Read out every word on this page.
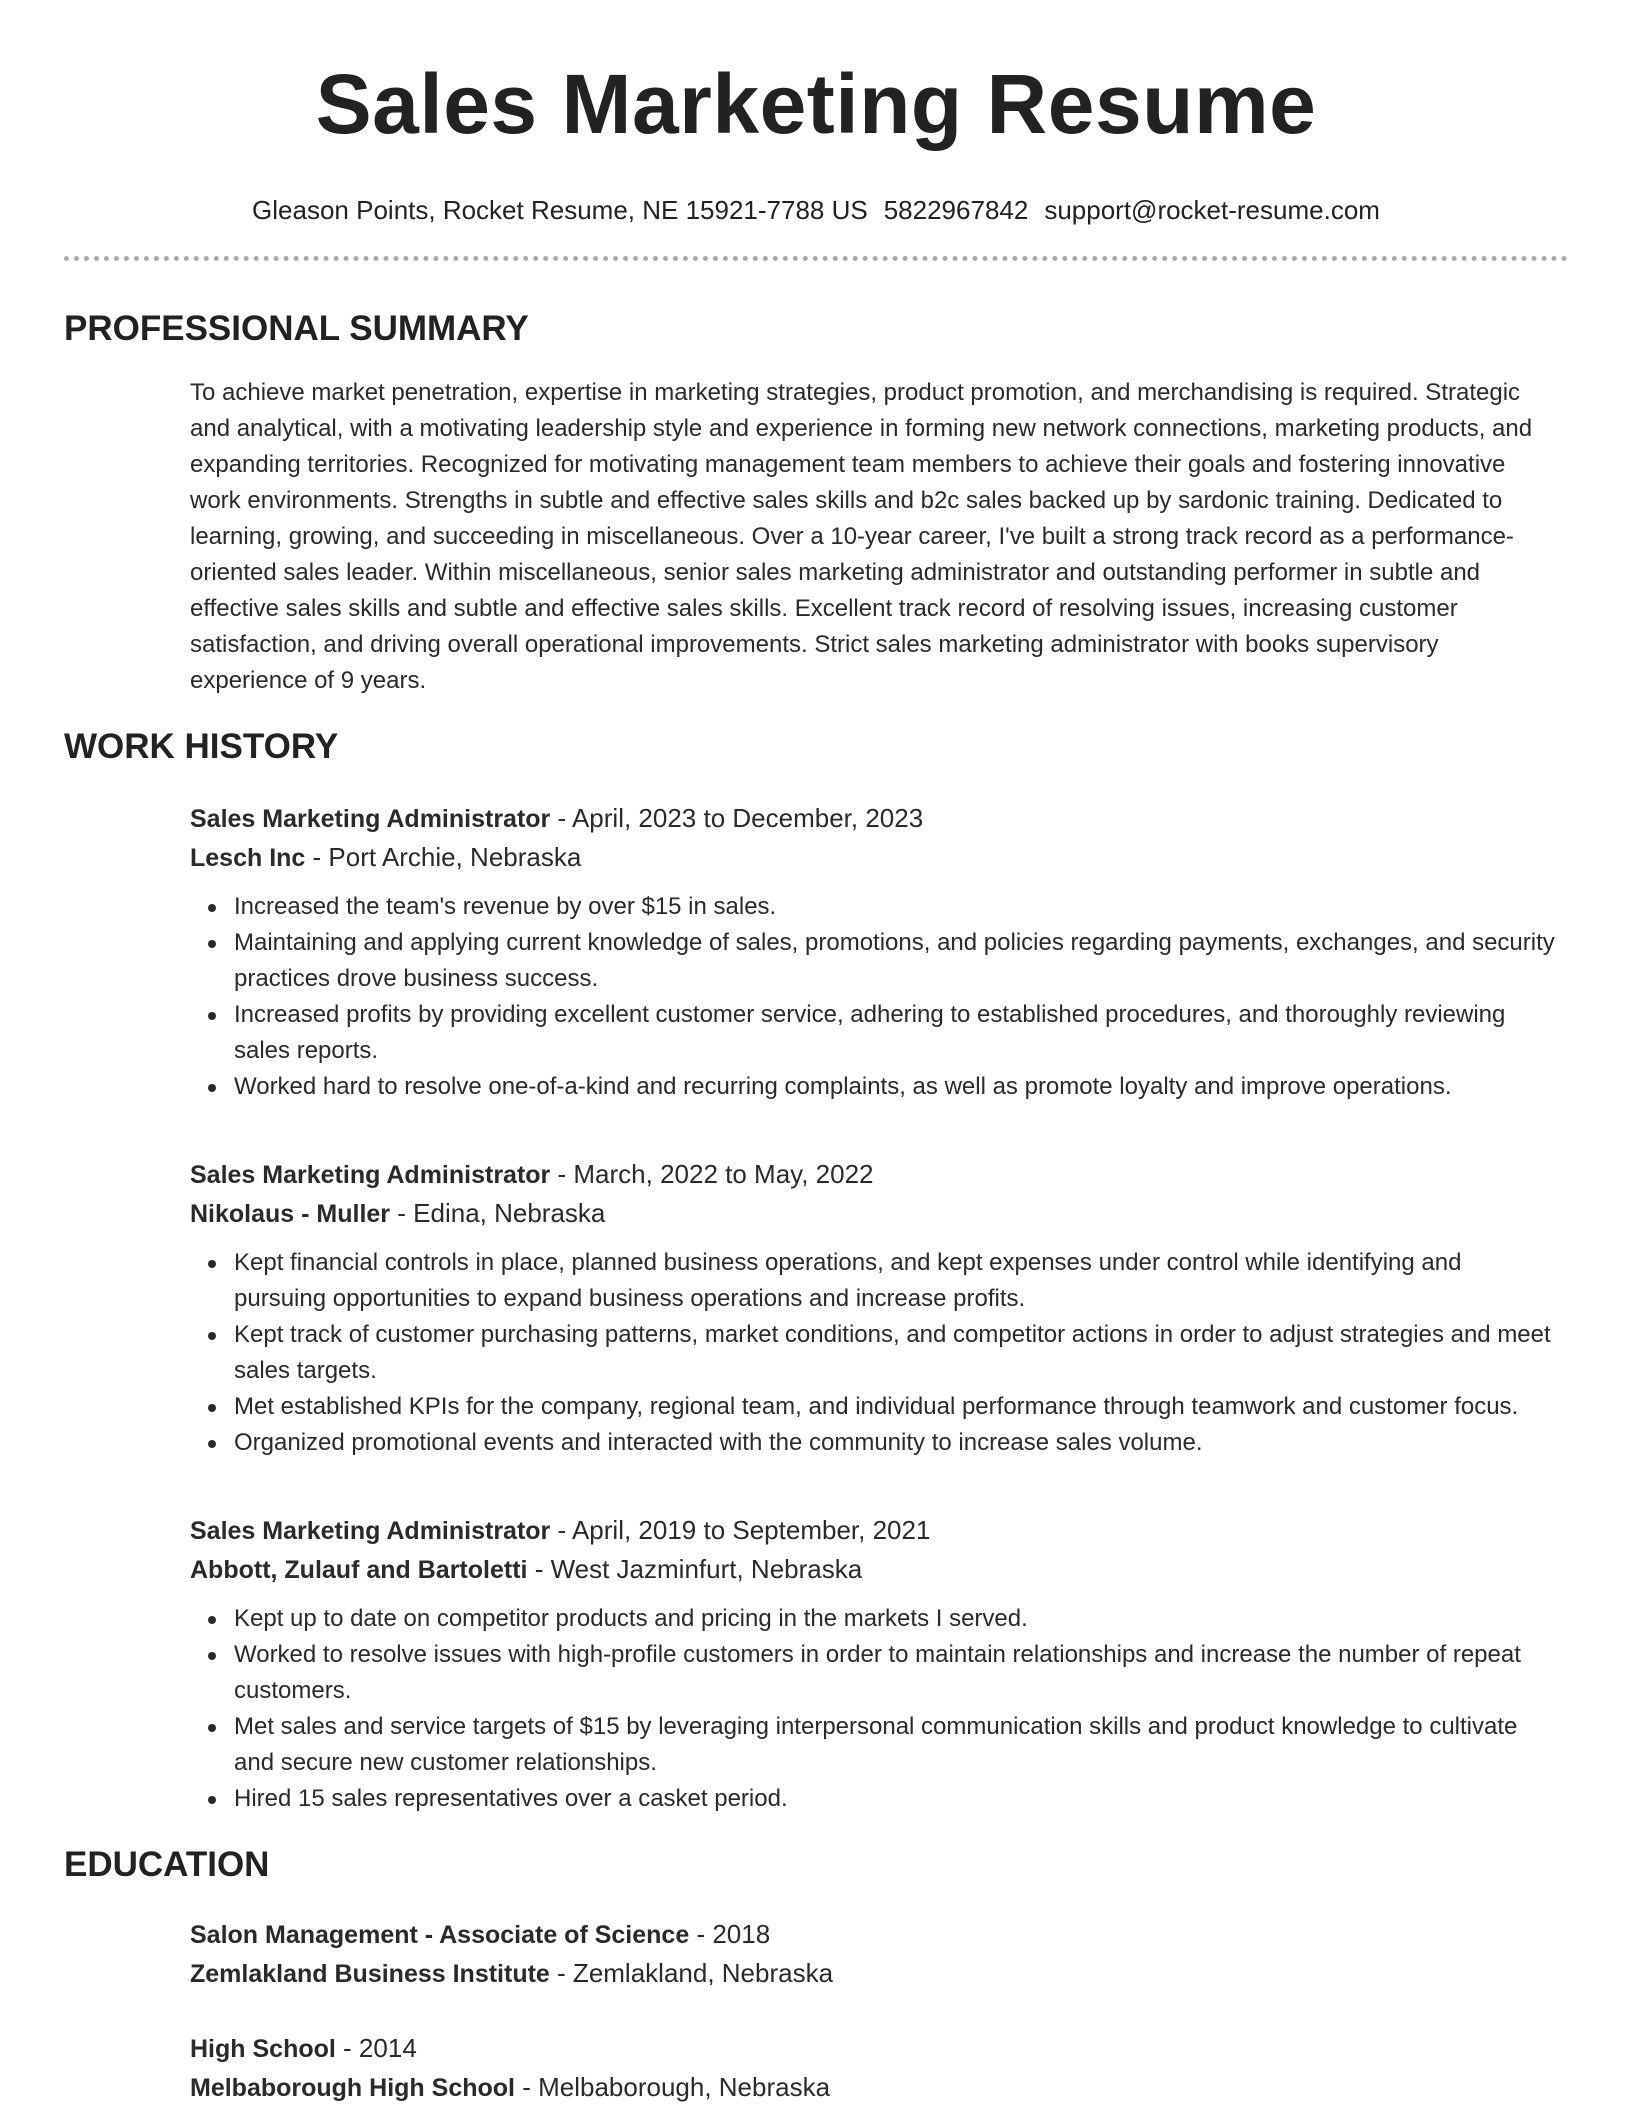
Sales Marketing Resume
Gleason Points, Rocket Resume, NE 15921-7788 US 5822967842 support@rocket-resume.com
PROFESSIONAL SUMMARY

To achieve market penetration, expertise in marketing strategies, product promotion, and merchandising is required. Strategic and analytical, with a motivating leadership style and experience in forming new network connections, marketing products, and expanding territories. Recognized for motivating management team members to achieve their goals and fostering innovative work environments. Strengths in subtle and effective sales skills and b2c sales backed up by sardonic training. Dedicated to learning, growing, and succeeding in miscellaneous. Over a 10-year career, I've built a strong track record as a performance-oriented sales leader. Within miscellaneous, senior sales marketing administrator and outstanding performer in subtle and effective sales skills and subtle and effective sales skills. Excellent track record of resolving issues, increasing customer satisfaction, and driving overall operational improvements. Strict sales marketing administrator with books supervisory experience of 9 years.

WORK HISTORY
Sales Marketing Administrator - April, 2023 to December, 2023
Lesch Inc - Port Archie, Nebraska
Increased the team's revenue by over $15 in sales.
Maintaining and applying current knowledge of sales, promotions, and policies regarding payments, exchanges, and security practices drove business success.
Increased profits by providing excellent customer service, adhering to established procedures, and thoroughly reviewing sales reports.
Worked hard to resolve one-of-a-kind and recurring complaints, as well as promote loyalty and improve operations.
Sales Marketing Administrator - March, 2022 to May, 2022
Nikolaus - Muller - Edina, Nebraska
Kept financial controls in place, planned business operations, and kept expenses under control while identifying and pursuing opportunities to expand business operations and increase profits.
Kept track of customer purchasing patterns, market conditions, and competitor actions in order to adjust strategies and meet sales targets.
Met established KPIs for the company, regional team, and individual performance through teamwork and customer focus.
Organized promotional events and interacted with the community to increase sales volume.
Sales Marketing Administrator - April, 2019 to September, 2021
Abbott, Zulauf and Bartoletti - West Jazminfurt, Nebraska
Kept up to date on competitor products and pricing in the markets I served.
Worked to resolve issues with high-profile customers in order to maintain relationships and increase the number of repeat customers.
Met sales and service targets of $15 by leveraging interpersonal communication skills and product knowledge to cultivate and secure new customer relationships.
Hired 15 sales representatives over a casket period.
EDUCATION
Salon Management - Associate of Science - 2018
Zemlakland Business Institute - Zemlakland, Nebraska
High School - 2014
Melbaborough High School - Melbaborough, Nebraska
